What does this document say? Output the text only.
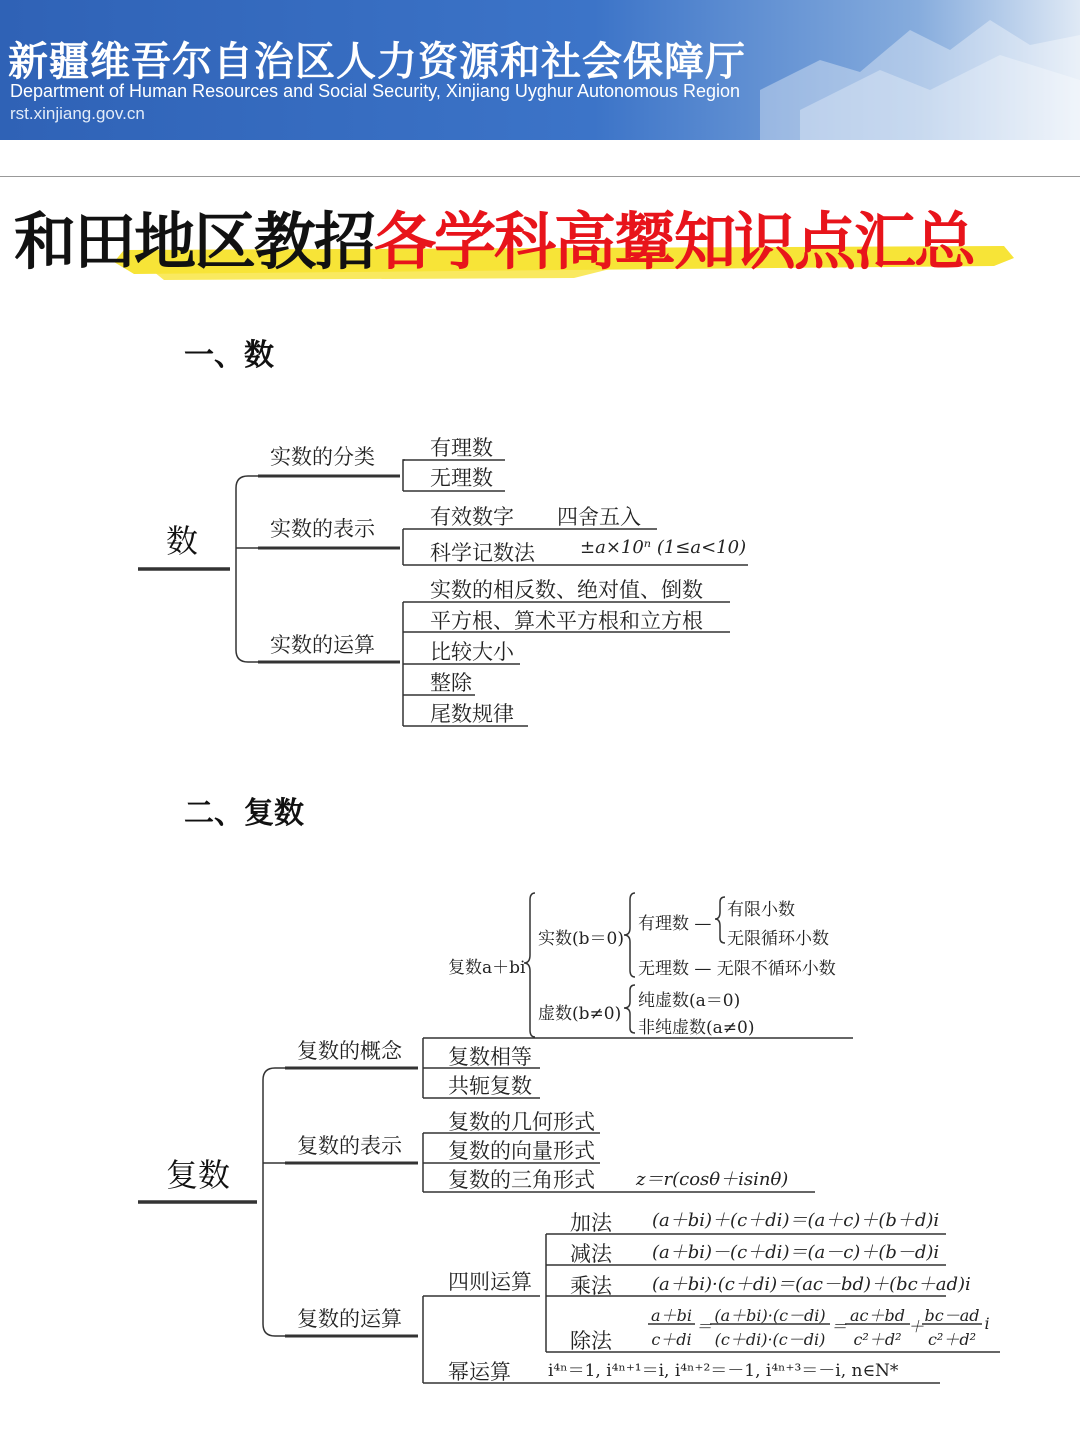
新疆维吾尔自治区人力资源和社会保障厅
Department of Human Resources and Social Security, Xinjiang Uyghur Autonomous Region
rst.xinjiang.gov.cn
和田地区教招各学科高颦知识点汇总
一、数
数
实数的分类
实数的表示
实数的运算
有理数
无理数
有效数字 四舍五入
科学记数法	±a×10ⁿ (1≤a<10)
实数的相反数、绝对值、倒数
平方根、算术平方根和立方根
比较大小
整除
尾数规律
二、复数
复数
复数a＋bi
实数(b＝0)
有理数 —
有限小数
无限循环小数
无理数 — 无限不循环小数
虚数(b≠0)
纯虚数(a＝0)
非纯虚数(a≠0)
复数的概念
复数的表示
复数的运算
复数相等
共轭复数
复数的几何形式
复数的向量形式
复数的三角形式 z＝r(cosθ＋isinθ)
四则运算
幂运算
加法 (a＋bi)＋(c＋di)＝(a＋c)＋(b＋d)i
减法 (a＋bi)－(c＋di)＝(a－c)＋(b－d)i
乘法 (a＋bi)·(c＋di)＝(ac－bd)＋(bc＋ad)i
除法
a＋bi
c＋di
＝
(a＋bi)·(c－di)
(c＋di)·(c－di)
＝
ac＋bd
c²＋d²
＋
bc－ad
c²＋d²
i
i⁴ⁿ＝1, i⁴ⁿ⁺¹＝i, i⁴ⁿ⁺²＝－1, i⁴ⁿ⁺³＝－i, n∈N*
